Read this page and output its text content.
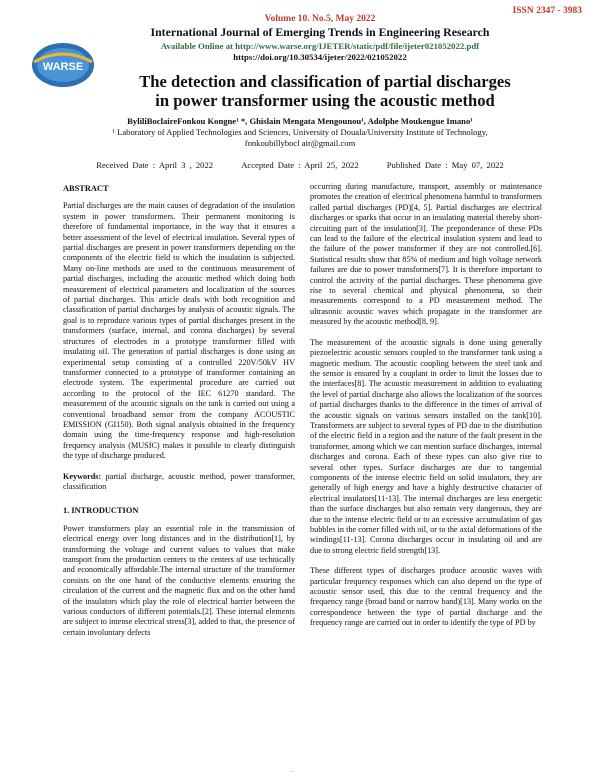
ISSN 2347 - 3983
WARSE
Volume 10. No.5, May 2022
International Journal of Emerging Trends in Engineering Research
Available Online at http://www.warse.org/IJETER/static/pdf/file/ijeter021052022.pdf
https://doi.org/10.30534/ijeter/2022/021052022
The detection and classification of partial discharges
in power transformer using the acoustic method
ByliliBoclaireFonkou Kongne¹ *, Ghislain Mengata Mengounou¹, Adolphe Moukengue Imano¹
¹ Laboratory of Applied Technologies and Sciences, University of Douala/University Institute of Technology,
fonkoubillybocl air@gmail.com
Received Date : April 3 , 2022	Accepted Date : April 25, 2022	Published Date : May 07, 2022
ABSTRACT

Partial discharges are the main causes of degradation of the insulation system in power transformers. Their permanent monitoring is therefore of fundamental importance, in the way that it ensures a better assessment of the level of electrical insulation. Several types of partial discharges are present in power transformers depending on the components of the electric field to which the insulation is subjected. Many on-line methods are used to the continuous measurement of partial discharges, including the acoustic method which doing both measurement of electrical parameters and localization of the sources of partial discharges. This article deals with both recognition and classification of partial discharges by analysis of acoustic signals. The goal is to reproduce various types of partial discharges present in the transformers (surface, internal, and corona discharges) by several structures of electrodes in a prototype transformer filled with insulating oil. The generation of partial discharges is done using an experimental setup consisting of a controlled 220V/50kV HV transformer connected to a prototype of transformer containing an electrode system. The experimental procedure are carried out according to the protocol of the IEC 61270 standard. The measurement of the acoustic signals on the tank is carried out using a conventional broadband sensor from the company ACOUSTIC EMISSION (GI150). Both signal analysis obtained in the frequency domain using the time-frequency response and high-resolution frequency analysis (MUSIC) makes it possible to clearly distinguish the type of discharge produced.

Keywords: partial discharge, acoustic method, power transformer, classification

1. INTRODUCTION

Power transformers play an essential role in the transmission of electrical energy over long distances and in the distribution[1], by transforming the voltage and current values to values that make transport from the production centers to the centers of use technically and economically affordable.The internal structure of the transformer consists on the one hand of the conductive elements ensuring the circulation of the current and the magnetic flux and on the other hand of the insulators which play the role of electrical barrier between the various conductors of different potentials.[2]. These internal elements are subject to intense electrical stress[3], added to that, the presence of certain involuntary defects

occurring during manufacture, transport, assembly or maintenance promotes the creation of electrical phenomena harmful to transformers called partial discharges (PD)[4, 5]. Partial discharges are electrical discharges or sparks that occur in an insulating material thereby short-circuiting part of the insulation[3]. The preponderance of these PDs can lead to the failure of the electrical insulation system and lead to the failure of the power transformer if they are not controlled.[6]. Statistical results show that 85% of medium and high voltage network failures are due to power transformers[7]. It is therefore important to control the activity of the partial discharges. These phenomena give rise to several chemical and physical phenomena, so their measurements correspond to a PD measurement method. The ultrasonic acoustic waves which propagate in the transformer are measured by the acoustic method[8, 9].

The measurement of the acoustic signals is done using generally piezoelectric acoustic sensors coupled to the transformer tank using a magnetic medium. The acoustic coupling between the steel tank and the sensor is ensured by a couplant in order to limit the losses due to the interfaces[8]. The acoustic measurement in addition to evaluating the level of partial discharge also allows the localization of the sources of partial discharges thanks to the difference in the times of arrival of the acoustic signals on various sensors installed on the tank[10]. Transformers are subject to several types of PD due to the distribution of the electric field in a region and the nature of the fault present in the transformer, among which we can mention surface discharges, internal discharges and corona. Each of these types can also give rise to several other types. Surface discharges are due to tangential components of the intense electric field on solid insulators, they are generally of high energy and have a highly destructive character of electrical insulators[11-13]. The internal discharges are less energetic than the surface discharges but also remain very dangerous, they are due to the intense electric field or to an excessive accumulation of gas bubbles in the corner filled with oil, or to the axial deformations of the windings[11-13]. Corona discharges occur in insulating oil and are due to strong electric field strength[13].

These different types of discharges produce acoustic waves with particular frequency responses which can also depend on the type of acoustic sensor used, this due to the central frequency and the frequency range (broad band or narrow band)[13]. Many works on the correspondence between the type of partial discharge and the frequency range are carried out in order to identify the type of PD by

...
